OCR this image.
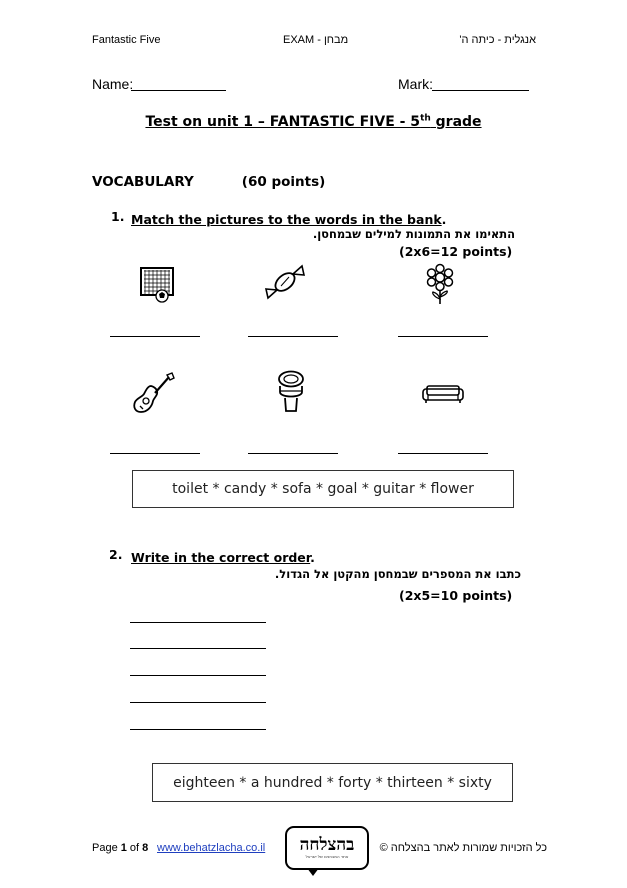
Fantastic Five	EXAM - מבחן	אנגלית - כיתה ה'
Name:	Mark:
Test on unit 1 – FANTASTIC FIVE - 5th grade
VOCABULARY	(60 points)
1. Match the pictures to the words in the bank.
התאימו את התמונות למילים שבמחסן.
(2x6=12 points)
toilet * candy * sofa * goal * guitar * flower
2. Write in the correct order.
כתבו את המספרים שבמחסן מהקטן אל הגדול.
(2x5=10 points)
eighteen * a hundred * forty * thirteen * sixty
Page 1 of 8 www.behatzlacha.co.il בהצלחה
אתר המבחנים של ישראל
כל הזכויות שמורות לאתר בהצלחה ©
